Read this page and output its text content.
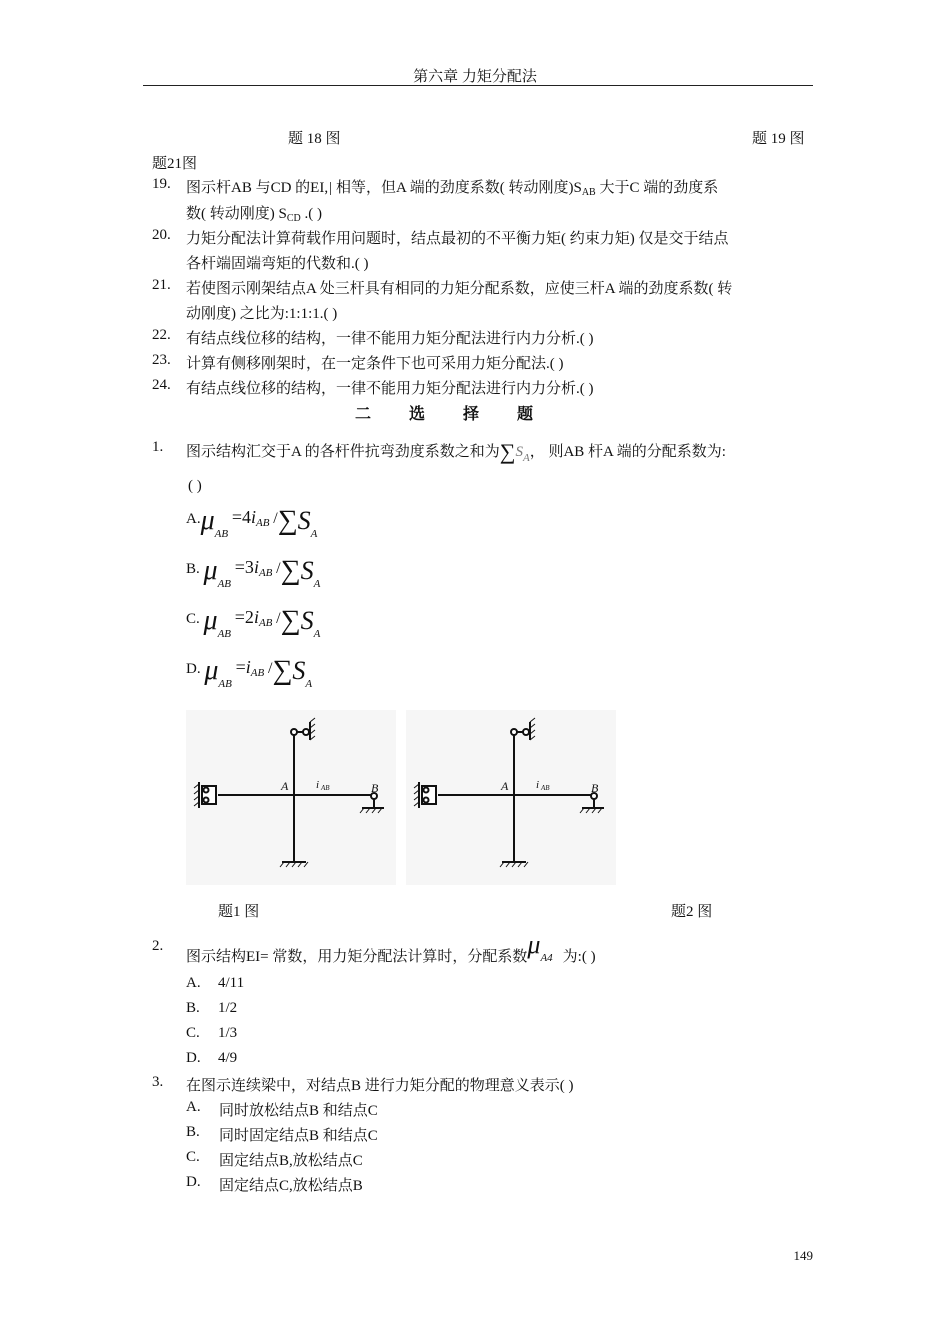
第六章 力矩分配法
题 18 图	题 19 图
题21图
19.	图示杆AB 与CD 的EI,| 相等，但A 端的劲度系数( 转动刚度)$S_{AB}$ 大于C 端的劲度系
数( 转动刚度) $S_{CD}$ .( )
20.	力矩分配法计算荷载作用问题时，结点最初的不平衡力矩( 约束力矩) 仅是交于结点
各杆端固端弯矩的代数和.( )
21.	若使图示刚架结点A 处三杆具有相同的力矩分配系数，应使三杆A 端的劲度系数( 转
动刚度) 之比为:1:1:1.( )
22.	有结点线位移的结构，一律不能用力矩分配法进行内力分析.( )
23.	计算有侧移刚架时，在一定条件下也可采用力矩分配法.( )
24.	有结点线位移的结构，一律不能用力矩分配法进行内力分析.( )
二 选 择 题
1.	图示结构汇交于A 的各杆件抗弯劲度系数之和为$\sum S_A$， 则AB 杆A 端的分配系数为:
( )
$A.\mu_{AB} =4i^{AB}$ $/\sum S_A$
B. $\mu_{AB} =3i^{AB}$ $/\sum S_A$
C. $\mu_{AB} =2i^{AB}$ $/\sum S_A$
D. $\mu_{AB} =i^{AB}$ $/\sum S_A$
A	i AB	B	A	i AB	B
题1 图	题2 图
2.
图示结构EI= 常数，用力矩分配法计算时，分配系数$\mu_{A4}$ 为:( )
A. 4/11
B. 1/2
C. 1/3
D. 4/9
3.	在图示连续梁中，对结点B 进行力矩分配的物理意义表示( )
A. 同时放松结点B 和结点C
B. 同时固定结点B 和结点C
C. 固定结点B,放松结点C
D. 固定结点C,放松结点B
149
